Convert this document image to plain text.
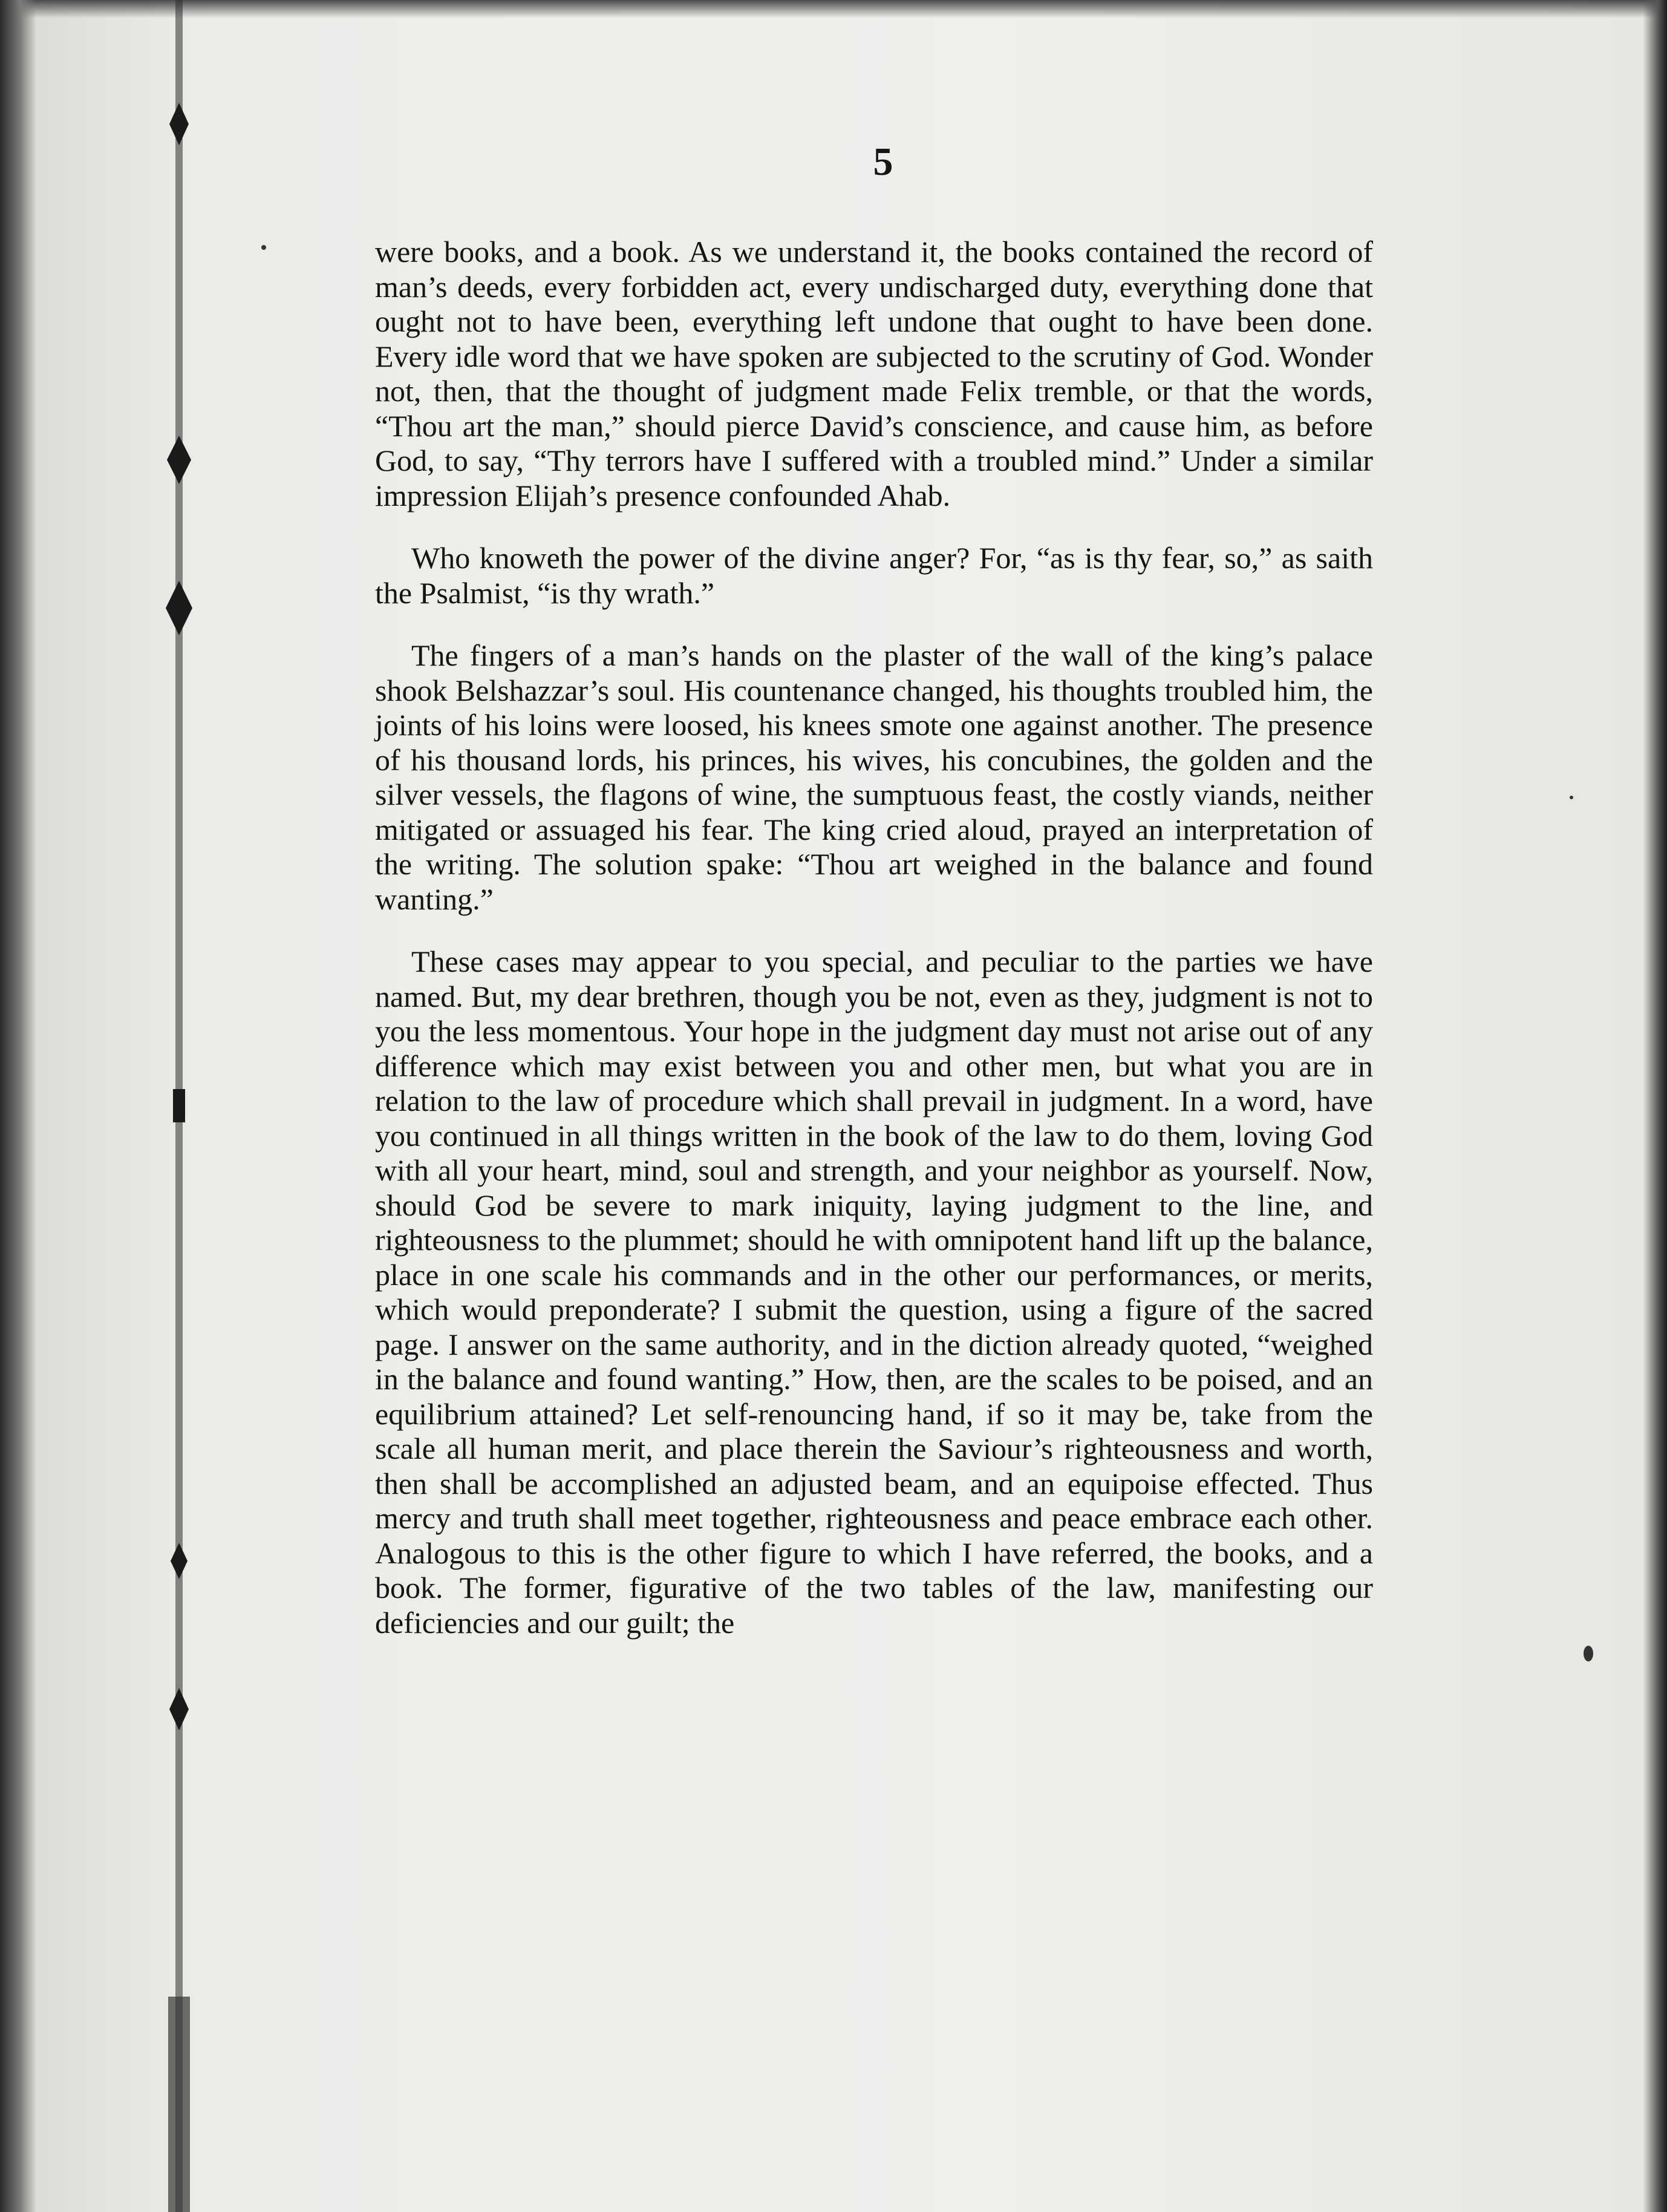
5

were books, and a book. As we understand it, the books contained the record of man’s deeds, every forbidden act, every undischarged duty, everything done that ought not to have been, everything left undone that ought to have been done. Every idle word that we have spoken are subjected to the scrutiny of God. Wonder not, then, that the thought of judgment made Felix tremble, or that the words, “Thou art the man,” should pierce David’s conscience, and cause him, as before God, to say, “Thy terrors have I suffered with a troubled mind.” Under a similar impression Elijah’s presence confounded Ahab.

Who knoweth the power of the divine anger? For, “as is thy fear, so,” as saith the Psalmist, “is thy wrath.”

The fingers of a man’s hands on the plaster of the wall of the king’s palace shook Belshazzar’s soul. His countenance changed, his thoughts troubled him, the joints of his loins were loosed, his knees smote one against another. The presence of his thousand lords, his princes, his wives, his concubines, the golden and the silver vessels, the flagons of wine, the sumptuous feast, the costly viands, neither mitigated or assuaged his fear. The king cried aloud, prayed an interpretation of the writing. The solution spake: “Thou art weighed in the balance and found wanting.”

These cases may appear to you special, and peculiar to the parties we have named. But, my dear brethren, though you be not, even as they, judgment is not to you the less momentous. Your hope in the judgment day must not arise out of any difference which may exist between you and other men, but what you are in relation to the law of procedure which shall prevail in judgment. In a word, have you continued in all things written in the book of the law to do them, loving God with all your heart, mind, soul and strength, and your neighbor as yourself. Now, should God be severe to mark iniquity, laying judgment to the line, and righteousness to the plummet; should he with omnipotent hand lift up the balance, place in one scale his commands and in the other our performances, or merits, which would preponderate? I submit the question, using a figure of the sacred page. I answer on the same authority, and in the diction already quoted, “weighed in the balance and found wanting.” How, then, are the scales to be poised, and an equilibrium attained? Let self-renouncing hand, if so it may be, take from the scale all human merit, and place therein the Saviour’s righteousness and worth, then shall be accomplished an adjusted beam, and an equipoise effected. Thus mercy and truth shall meet together, righteousness and peace embrace each other. Analogous to this is the other figure to which I have referred, the books, and a book. The former, figurative of the two tables of the law, manifesting our deficiencies and our guilt; the
